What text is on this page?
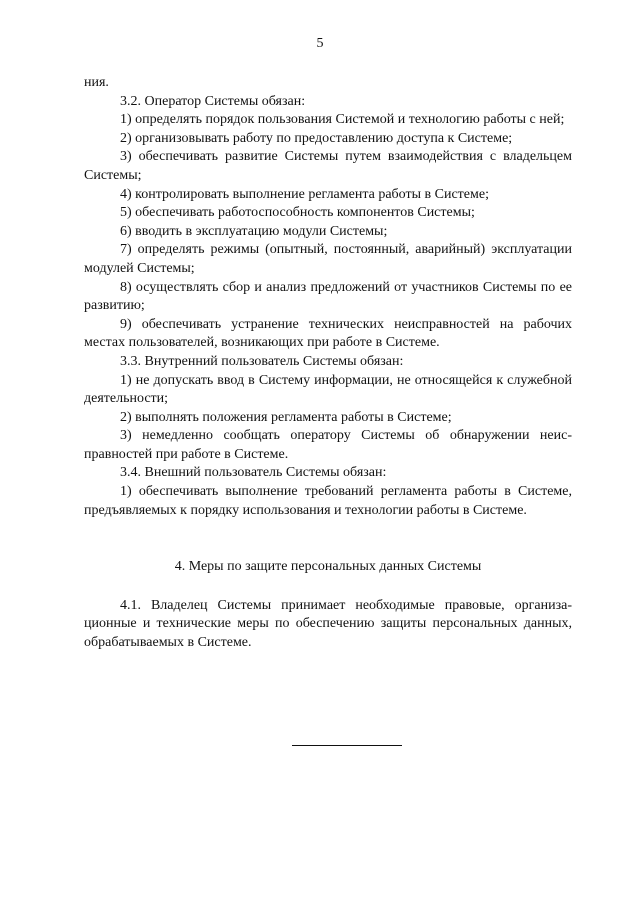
5

ния.

3.2. Оператор Системы обязан:

1) определять порядок пользования Системой и технологию работы с ней;

2) организовывать работу по предоставлению доступа к Системе;

3) обеспечивать развитие Системы путем взаимодействия с владельцем Системы;

4) контролировать выполнение регламента работы в Системе;

5) обеспечивать работоспособность компонентов Системы;

6) вводить в эксплуатацию модули Системы;

7) определять режимы (опытный, постоянный, аварийный) эксплуатации модулей Системы;

8) осуществлять сбор и анализ предложений от участников Системы по ее развитию;

9) обеспечивать устранение технических неисправностей на рабочих местах пользователей, возникающих при работе в Системе.

3.3. Внутренний пользователь Системы обязан:

1) не допускать ввод в Систему информации, не относящейся к служебной деятельности;

2) выполнять положения регламента работы в Системе;

3) немедленно сообщать оператору Системы об обнаружении неисправностей при работе в Системе.

3.4. Внешний пользователь Системы обязан:

1) обеспечивать выполнение требований регламента работы в Системе, предъявляемых к порядку использования и технологии работы в Системе.

4. Меры по защите персональных данных Системы

4.1. Владелец Системы принимает необходимые правовые, организационные и технические меры по обеспечению защиты персональных данных, обрабатываемых в Системе.
